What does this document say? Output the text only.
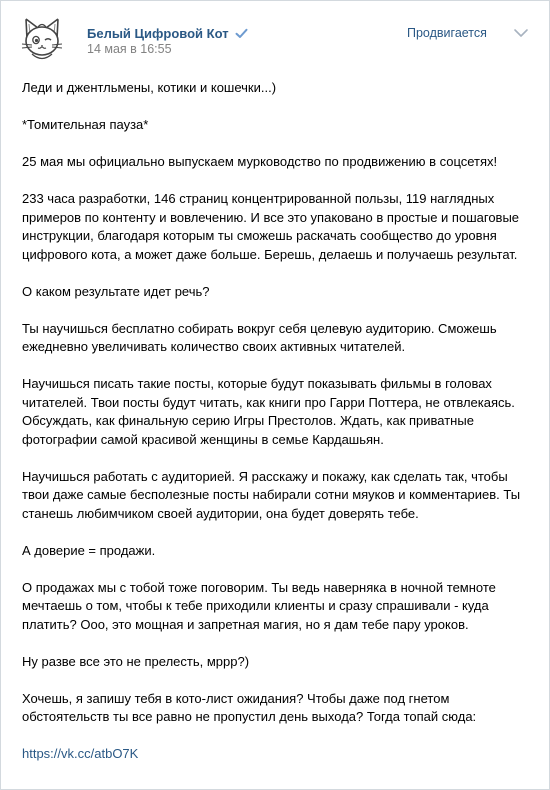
Белый Цифровой Кот
14 мая в 16:55
Продвигается

Леди и джентльмены, котики и кошечки...)

*Томительная пауза*

25 мая мы официально выпускаем мурководство по продвижению в соцсетях!

233 часа разработки, 146 страниц концентрированной пользы, 119 наглядных примеров по контенту и вовлечению. И все это упаковано в простые и пошаговые инструкции, благодаря которым ты сможешь раскачать сообщество до уровня цифрового кота, а может даже больше. Берешь, делаешь и получаешь результат.

О каком результате идет речь?

Ты научишься бесплатно собирать вокруг себя целевую аудиторию. Сможешь ежедневно увеличивать количество своих активных читателей.

Научишься писать такие посты, которые будут показывать фильмы в головах читателей. Твои посты будут читать, как книги про Гарри Поттера, не отвлекаясь. Обсуждать, как финальную серию Игры Престолов. Ждать, как приватные фотографии самой красивой женщины в семье Кардашьян.

Научишься работать с аудиторией. Я расскажу и покажу, как сделать так, чтобы твои даже самые бесполезные посты набирали сотни мяуков и комментариев. Ты станешь любимчиком своей аудитории, она будет доверять тебе.

А доверие = продажи.

О продажах мы с тобой тоже поговорим. Ты ведь наверняка в ночной темноте мечтаешь о том, чтобы к тебе приходили клиенты и сразу спрашивали - куда платить? Ооо, это мощная и запретная магия, но я дам тебе пару уроков.

Ну разве все это не прелесть, мррр?)

Хочешь, я запишу тебя в кото-лист ожидания? Чтобы даже под гнетом обстоятельств ты все равно не пропустил день выхода? Тогда топай сюда:

https://vk.cc/atbO7K
